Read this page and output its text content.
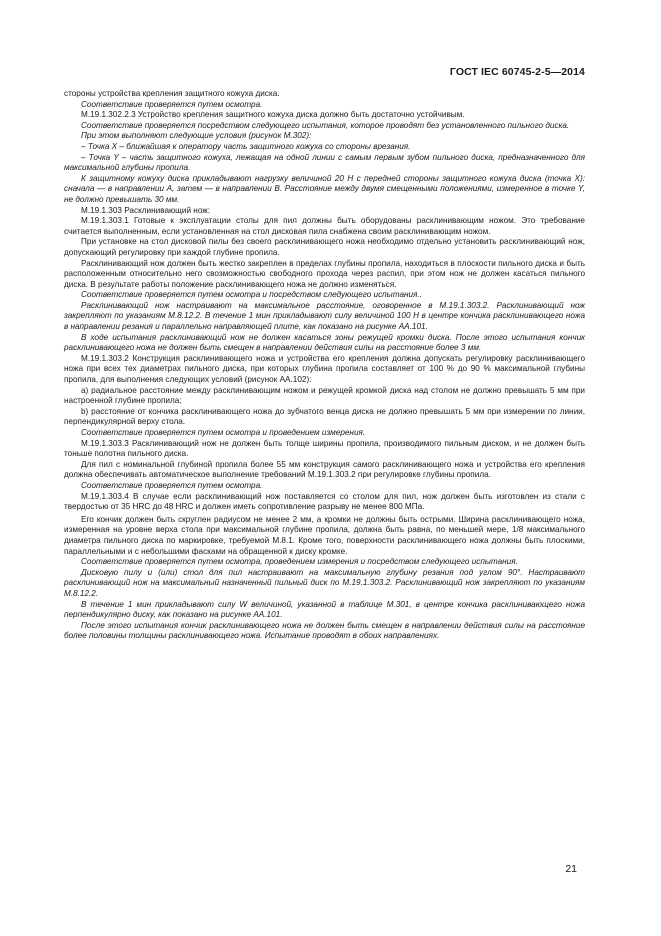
ГОСТ IEC 60745-2-5—2014

стороны устройства крепления защитного кожуха диска.

Соответствие проверяется путем осмотра.

M.19.1.302.2.3 Устройство крепления защитного кожуха диска должно быть достаточно устойчивым.

Соответствие проверяется посредством следующего испытания, которое проводят без установленного пильного диска.

При этом выполняют следующие условия (рисунок М.302):

– Точка Х – ближайшая к оператору часть защитного кожуха со стороны врезания.

– Точка Y – часть защитного кожуха, лежащая на одной линии с самым первым зубом пильного диска, предназначенного для максимальной глубины пропила.

К защитному кожуху диска прикладывают нагрузку величиной 20 Н с передней стороны защитного кожуха диска (точка X): сначала — в направлении А, затем — в направлении В. Расстояние между двумя смещенными положениями, измеренное в точке Y, не должно превышать 30 мм.

M.19.1.303 Расклинивающий нож:

M.19.1.303.1 Готовые к эксплуатации столы для пил должны быть оборудованы расклинивающим ножом. Это требование считается выполненным, если установленная на стол дисковая пила снабжена своим расклинивающим ножом.

При установке на стол дисковой пилы без своего расклинивающего ножа необходимо отдельно установить расклинивающий нож, допускающий регулировку при каждой глубине пропила.

Расклинивающий нож должен быть жестко закреплен в пределах глубины пропила, находиться в плоскости пильного диска и быть расположенным относительно него свозможностью свободного прохода через распил, при этом нож не должен касаться пильного диска. В результате работы положение расклинивающего ножа не должно изменяться.

Соответствие проверяется путем осмотра и посредством следующего испытания..

Расклинивающий нож настраивают на максимальное расстояние, оговоренное в М.19.1.303.2. Расклинивающий нож закрепляют по указаниям М.8.12.2. В течение 1 мин прикладывают силу величиной 100 Н в центре кончика расклинивающего ножа в направлении резания и параллельно направляющей плите, как показано на рисунке АА.101.

В ходе испытания расклинивающий нож не должен касаться зоны режущей кромки диска. После этого испытания кончик расклинивающего ножа не должен быть смещен в направлении действия силы на расстояние более 3 мм.

M.19.1.303.2 Конструкция расклинивающего ножа и устройства его крепления должна допускать регулировку расклинивающего ножа при всех тех диаметрах пильного диска, при которых глубина пропила составляет от 100 % до 90 % максимальной глубины пропила, для выполнения следующих условий (рисунок АА.102):

a) радиальное расстояние между расклинивающим ножом и режущей кромкой диска над столом не должно превышать 5 мм при настроенной глубине пропила;

b) расстояние от кончика расклинивающего ножа до зубчатого венца диска не должно превышать 5 мм при измерении по линии, перпендикулярной верху стола.

Соответствие проверяется путем осмотра и проведением измерения.

M.19.1.303.3 Расклинивающий нож не должен быть толще ширины пропила, производимого пильным диском, и не должен быть тоньше полотна пильного диска.

Для пил с номинальной глубиной пропила более 55 мм конструкция самого расклинивающего ножа и устройства его крепления должна обеспечивать автоматическое выполнение требований М.19.1.303.2 при регулировке глубины пропила.

Соответствие проверяется путем осмотра.

M.19.1.303.4 В случае если расклинивающий нож поставляется со столом для пил, нож должен быть изготовлен из стали с твердостью от 35 HRC до 48 HRC и должен иметь сопротивление разрыву не менее 800 МПа.

Его кончик должен быть скруглен радиусом не менее 2 мм, а кромки не должны быть острыми. Ширина расклинивающего ножа, измеренная на уровне верха стола при максимальной глубине пропила, должна быть равна, по меньшей мере, 1/8 максимального диаметра пильного диска по маркировке, требуемой М.8.1. Кроме того, поверхности расклинивающего ножа должны быть плоскими, параллельными и с небольшими фасками на обращенной к диску кромке.

Соответствие проверяется путем осмотра, проведением измерения и посредством следующего испытания.

Дисковую пилу и (или) стол для пил настраивают на максимальную глубину резания под углом 90°. Настраивают расклинивающий нож на максимальный назначенный пильный диск по М.19.1.303.2. Расклинивающий нож закрепляют по указаниям М.8.12.2.

В течение 1 мин прикладывают силу W величиной, указанной в таблице М.301, в центре кончика расклинивающего ножа перпендикулярно диску, как показано на рисунке АА.101.

После этого испытания кончик расклинивающего ножа не должен быть смещен в направлении действия силы на расстояние более половины толщины расклинивающего ножа. Испытание проводят в обоих направлениях.

21
